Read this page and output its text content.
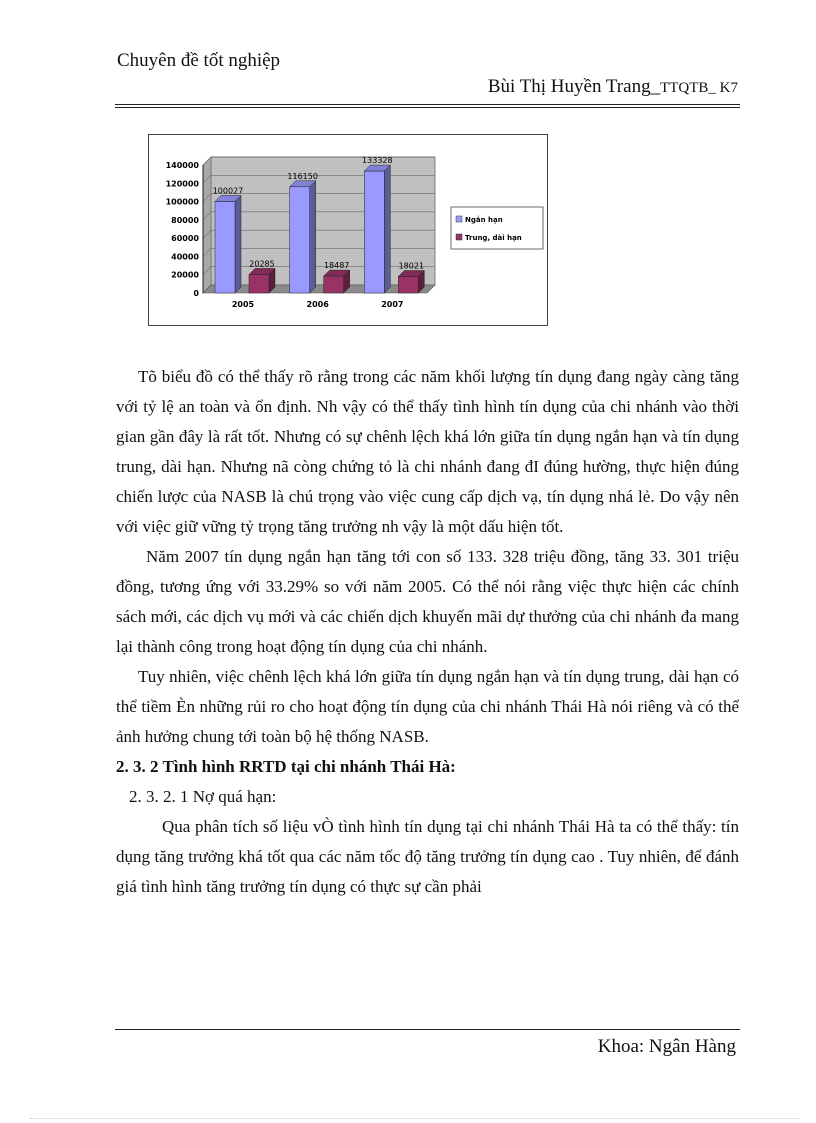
Chuyên đề tốt nghiệp
Bùi Thị Huyền Trang_TTQTB_ K7
140000
120000
100000
80000
60000
40000
20000
0
100027
20285
116150
18487
133328
18021
2005	2006	2007
Ngắn hạn
Trung, dài hạn

Tõ biểu đồ có thể thấy rõ rằng trong các năm khối lượng tín dụng đang ngày càng tăng với tỷ lệ an toàn và ổn định. Nh vậy có thể thấy tình hình tín dụng của chi nhánh vào thời gian gần đây là rất tốt. Nhưng có sự chênh lệch khá lớn giữa tín dụng ngắn hạn và tín dụng trung, dài hạn. Nhưng nã còng chứng tỏ là chi nhánh đang đI đúng hường, thực hiện đúng chiến lược của NASB là chú trọng vào việc cung cấp dịch vạ, tín dụng nhá lẻ. Do vậy nên với việc giữ vững tỷ trọng tăng trưởng nh vậy là một dấu hiện tốt.

Năm 2007 tín dụng ngắn hạn tăng tới con số 133. 328 triệu đồng, tăng 33. 301 triệu đồng, tương ứng với 33.29% so với năm 2005. Có thể nói rằng việc thực hiện các chính sách mới, các dịch vụ mới và các chiến dịch khuyến mãi dự thưởng của chi nhánh đa mang lại thành công trong hoạt động tín dụng của chi nhánh.

Tuy nhiên, việc chênh lệch khá lớn giữa tín dụng ngắn hạn và tín dụng trung, dài hạn có thể tiềm Èn những rủi ro cho hoạt động tín dụng của chi nhánh Thái Hà nói riêng và có thể ảnh hưởng chung tới toàn bộ hệ thống NASB.

2. 3. 2 Tình hình RRTD tại chi nhánh Thái Hà:

2. 3. 2. 1 Nợ quá hạn:

Qua phân tích số liệu vÒ tình hình tín dụng tại chi nhánh Thái Hà ta có thể thấy: tín dụng tăng trưởng khá tốt qua các năm tốc độ tăng trưởng tín dụng cao . Tuy nhiên, để đánh giá tình hình tăng trưởng tín dụng có thực sự cần phải

Khoa: Ngân Hàng
